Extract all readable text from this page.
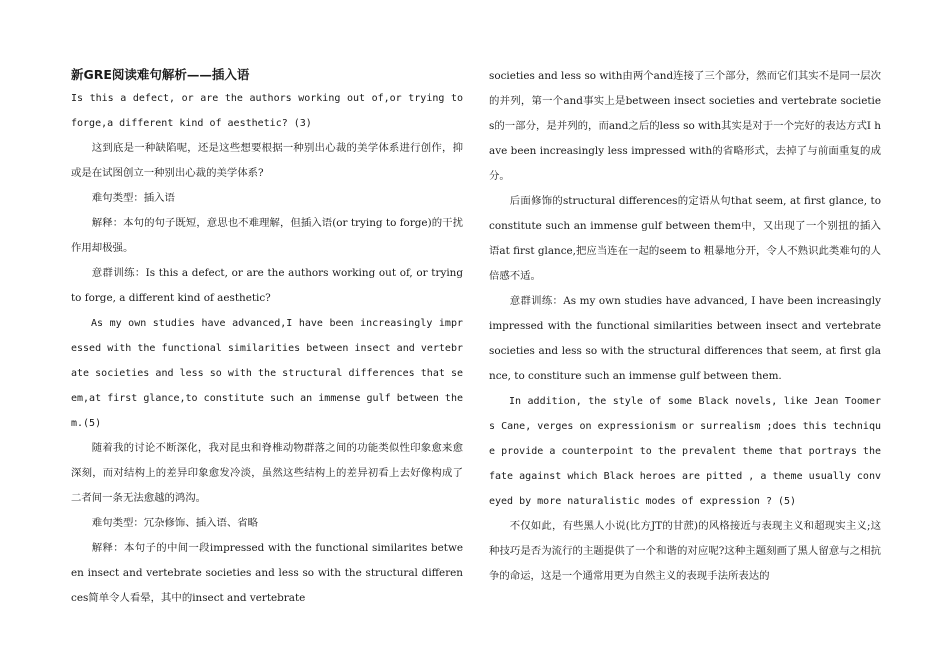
新GRE阅读难句解析——插入语

Is this a defect, or are the authors working out of,or trying to forge,a different kind of aesthetic? (3)

这到底是一种缺陷呢，还是这些想要根据一种别出心裁的美学体系进行创作，抑或是在试图创立一种别出心裁的美学体系?

难句类型：插入语

解释：本句的句子既短，意思也不难理解，但插入语(or trying to forge)的干扰作用却极强。

意群训练：Is this a defect, or are the authors working out of, or trying to forge, a different kind of aesthetic?

As my own studies have advanced,I have been increasingly impressed with the functional similarities between insect and vertebrate societies and less so with the structural differences that seem,at first glance,to constitute such an immense gulf between them.(5)

随着我的讨论不断深化，我对昆虫和脊椎动物群落之间的功能类似性印象愈来愈深刻，而对结构上的差异印象愈发冷淡，虽然这些结构上的差异初看上去好像构成了二者间一条无法愈越的鸿沟。

难句类型：冗杂修饰、插入语、省略

解释：本句子的中间一段impressed with the functional similarites between insect and vertebrate societies and less so with the structural differences简单令人看晕，其中的insect and vertebrate

societies and less so with由两个and连接了三个部分，然而它们其实不是同一层次的并列，第一个and事实上是between insect societies and vertebrate societies的一部分，是并列的，而and之后的less so with其实是对于一个完好的表达方式I have been increasingly less impressed with的省略形式，去掉了与前面重复的成分。

后面修饰的structural differences的定语从句that seem, at first glance, to constitute such an immense gulf between them中，又出现了一个别扭的插入语at first glance,把应当连在一起的seem to 粗暴地分开，令人不熟识此类难句的人倍感不适。

意群训练：As my own studies have advanced, I have been increasingly impressed with the functional similarities between insect and vertebrate societies and less so with the structural differences that seem, at first glance, to constiture such an immense gulf between them.

In addition, the style of some Black novels, like Jean Toomers Cane, verges on expressionism or surrealism ;does this technique provide a counterpoint to the prevalent theme that portrays the fate against which Black heroes are pitted , a theme usually conveyed by more naturalistic modes of expression ? (5)

不仅如此，有些黑人小说(比方JT的甘蔗)的风格接近与表现主义和超现实主义;这种技巧是否为流行的主题提供了一个和谐的对应呢?这种主题刻画了黑人留意与之相抗争的命运，这是一个通常用更为自然主义的表现手法所表达的
